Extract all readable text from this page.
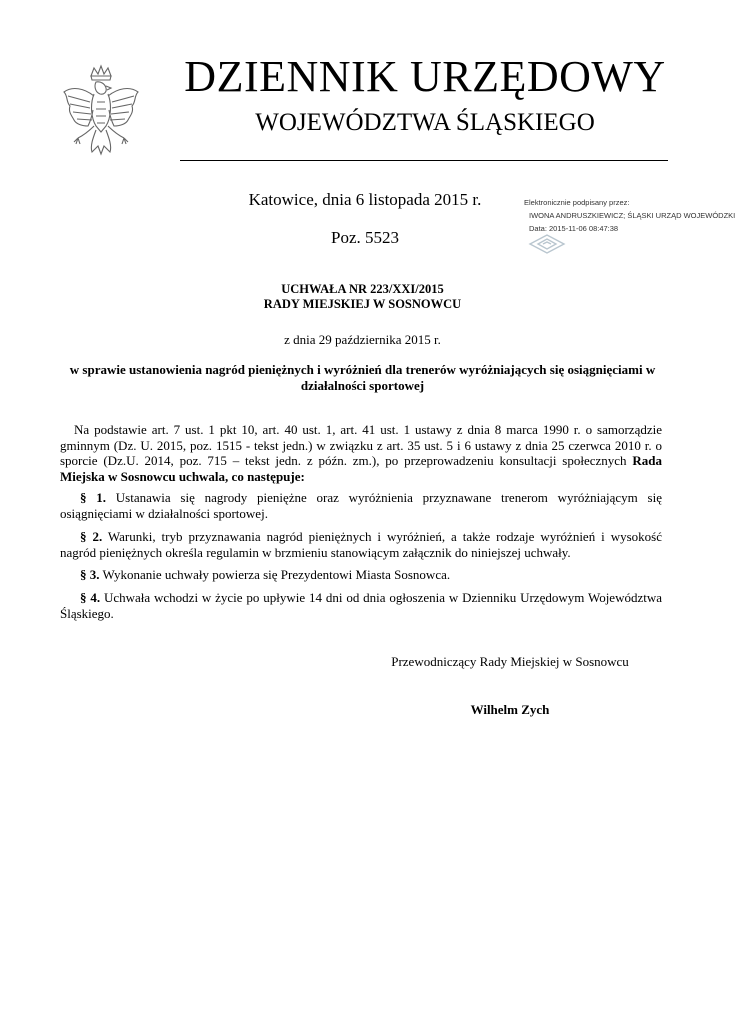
DZIENNIK URZĘDOWY
WOJEWÓDZTWA ŚLĄSKIEGO
Katowice, dnia 6 listopada 2015 r.
Poz. 5523
Elektronicznie podpisany przez:
IWONA ANDRUSZKIEWICZ; ŚLĄSKI URZĄD WOJEWÓDZKI
Data: 2015-11-06 08:47:38
UCHWAŁA NR 223/XXI/2015
RADY MIEJSKIEJ W SOSNOWCU
z dnia 29 października 2015 r.
w sprawie ustanowienia nagród pieniężnych i wyróżnień dla trenerów wyróżniających się osiągnięciami w działalności sportowej
Na podstawie art. 7 ust. 1 pkt 10, art. 40 ust. 1, art. 41 ust. 1 ustawy z dnia 8 marca 1990 r. o samorządzie gminnym (Dz. U. 2015, poz. 1515 - tekst jedn.) w związku z art. 35 ust. 5 i 6 ustawy z dnia 25 czerwca 2010 r. o sporcie (Dz.U. 2014, poz. 715 – tekst jedn. z późn. zm.), po przeprowadzeniu konsultacji społecznych Rada Miejska w Sosnowcu uchwala, co następuje:
§ 1. Ustanawia się nagrody pieniężne oraz wyróżnienia przyznawane trenerom wyróżniającym się osiągnięciami w działalności sportowej.
§ 2. Warunki, tryb przyznawania nagród pieniężnych i wyróżnień, a także rodzaje wyróżnień i wysokość nagród pieniężnych określa regulamin w brzmieniu stanowiącym załącznik do niniejszej uchwały.
§ 3. Wykonanie uchwały powierza się Prezydentowi Miasta Sosnowca.
§ 4. Uchwała wchodzi w życie po upływie 14 dni od dnia ogłoszenia w Dzienniku Urzędowym Województwa Śląskiego.
Przewodniczący Rady Miejskiej w Sosnowcu
Wilhelm Zych
